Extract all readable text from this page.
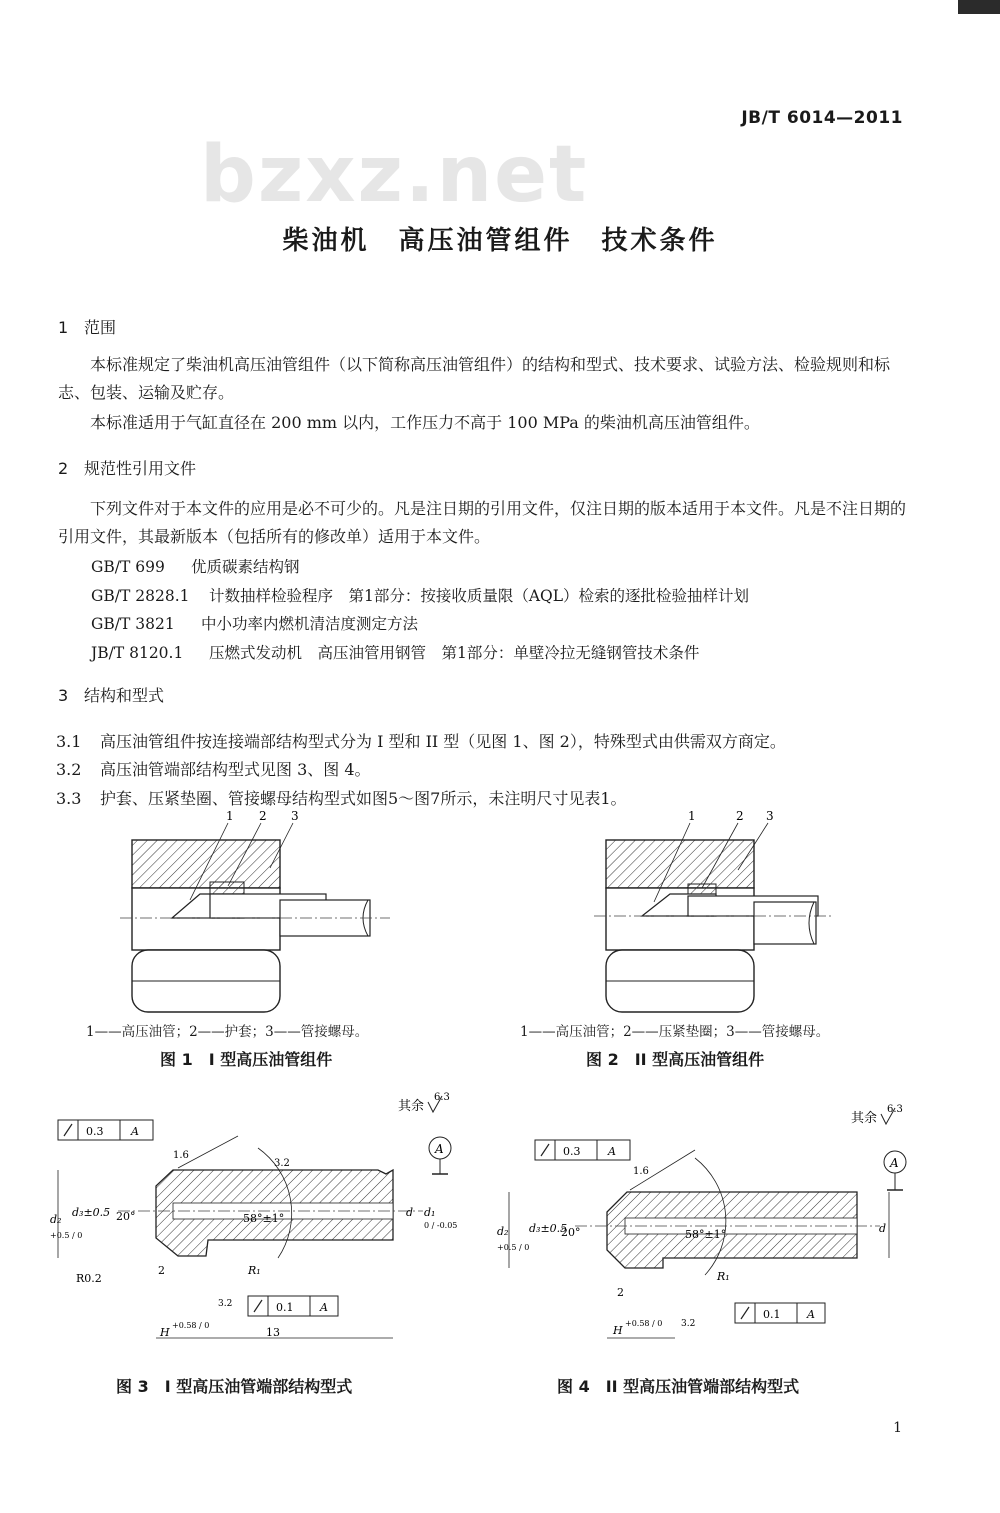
JB/T 6014—2011
bzxz.net
柴油机　高压油管组件　技术条件
1 范围
本标准规定了柴油机高压油管组件（以下简称高压油管组件）的结构和型式、技术要求、试验方法、检验规则和标志、包装、运输及贮存。
本标准适用于气缸直径在 200 mm 以内，工作压力不高于 100 MPa 的柴油机高压油管组件。
2 规范性引用文件
下列文件对于本文件的应用是必不可少的。凡是注日期的引用文件，仅注日期的版本适用于本文件。凡是不注日期的引用文件，其最新版本（包括所有的修改单）适用于本文件。
GB/T 699 优质碳素结构钢
GB/T 2828.1 计数抽样检验程序　第1部分：按接收质量限（AQL）检索的逐批检验抽样计划
GB/T 3821 中小功率内燃机清洁度测定方法
JB/T 8120.1 压燃式发动机　高压油管用钢管　第1部分：单壁冷拉无缝钢管技术条件
3 结构和型式
3.1 高压油管组件按连接端部结构型式分为 I 型和 II 型（见图 1、图 2），特殊型式由供需双方商定。
3.2 高压油管端部结构型式见图 3、图 4。
3.3 护套、压紧垫圈、管接螺母结构型式如图5～图7所示，未注明尺寸见表1。
1 2 3
1——高压油管；2——护套；3——管接螺母。
图 1　I 型高压油管组件
1	2 3
1——高压油管；2——压紧垫圈；3——管接螺母。
图 2　II 型高压油管组件
其余
6.3
0.3	A
A
20°	58°±1°
1.6
3.2
d₂
+0.5 / 0
d₃±0.5	d d₁
0 / -0.05
R0.2
R₁
2
3.2	0.1 A
H
+0.58 / 0
13
图 3　I 型高压油管端部结构型式
其余
6.3
0.3	A
A
20°	58°±1°
1.6
d₂
+0.5 / 0
d₃±0.5	d
R₁
2
0.1 A
3.2
H
+0.58 / 0
图 4　II 型高压油管端部结构型式
1
